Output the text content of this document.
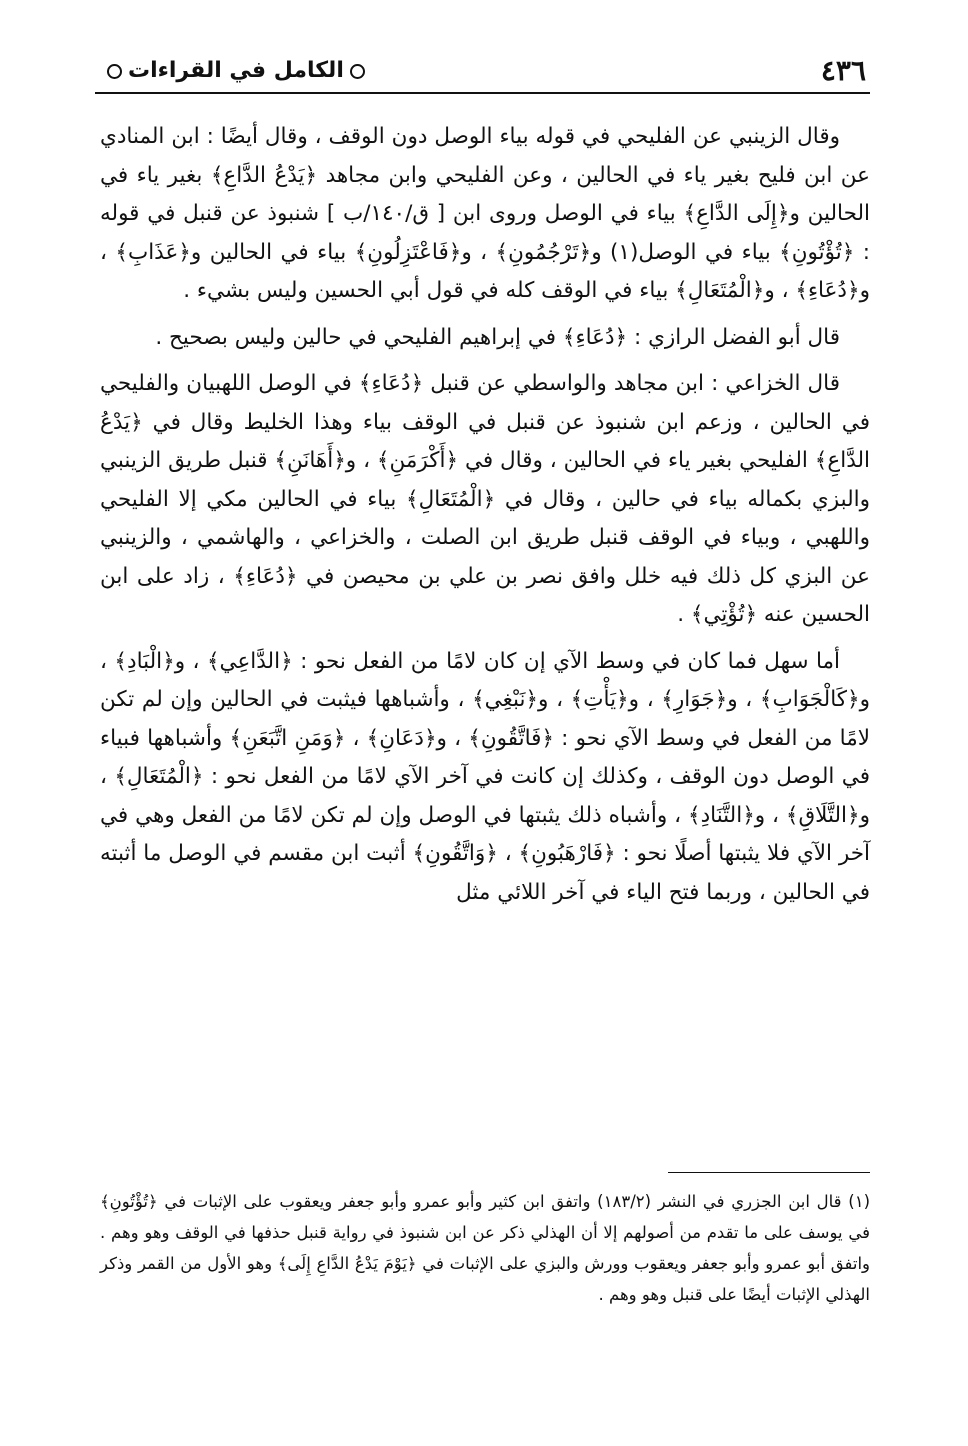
٤٣٦
الكامل في القراءات

وقال الزينبي عن الفليحي في قوله بياء الوصل دون الوقف ، وقال أيضًا : ابن المنادي عن ابن فليح بغير ياء في الحالين ، وعن الفليحي وابن مجاهد ﴿يَدْعُ الدَّاعِ﴾ بغير ياء في الحالين و﴿إِلَى الدَّاعِ﴾ بياء في الوصل وروى ابن [ ق/١٤٠/ب ] شنبوذ عن قنبل في قوله : ﴿تُؤْتُونِ﴾ بياء في الوصل(١) و﴿تَرْجُمُونِ﴾ ، و﴿فَاعْتَزِلُونِ﴾ بياء في الحالين و﴿عَذَابِ﴾ ، و﴿دُعَاءِ﴾ ، و﴿الْمُتَعَالِ﴾ بياء في الوقف كله في قول أبي الحسين وليس بشيء .

قال أبو الفضل الرازي : ﴿دُعَاءِ﴾ في إبراهيم الفليحي في حالين وليس بصحيح .

قال الخزاعي : ابن مجاهد والواسطي عن قنبل ﴿دُعَاءِ﴾ في الوصل اللهبيان والفليحي في الحالين ، وزعم ابن شنبوذ عن قنبل في الوقف بياء وهذا الخليط وقال في ﴿يَدْعُ الدَّاعِ﴾ الفليحي بغير ياء في الحالين ، وقال في ﴿أَكْرَمَنِ﴾ ، و﴿أَهَانَنِ﴾ قنبل طريق الزينبي والبزي بكماله بياء في حالين ، وقال في ﴿الْمُتَعَالِ﴾ بياء في الحالين مكي إلا الفليحي واللهبي ، وبياء في الوقف قنبل طريق ابن الصلت ، والخزاعي ، والهاشمي ، والزينبي عن البزي كل ذلك فيه خلل وافق نصر بن علي بن محيصن في ﴿دُعَاءِ﴾ ، زاد على ابن الحسين عنه ﴿تُؤْتِي﴾ .

أما سهل فما كان في وسط الآي إن كان لامًا من الفعل نحو : ﴿الدَّاعِي﴾ ، و﴿الْبَادِ﴾ ، و﴿كَالْجَوَابِ﴾ ، و﴿جَوَارِ﴾ ، و﴿يَأْتِ﴾ ، و﴿نَبْغِي﴾ ، وأشباهها فيثبت في الحالين وإن لم تكن لامًا من الفعل في وسط الآي نحو : ﴿فَاتَّقُونِ﴾ ، و﴿دَعَانِ﴾ ، ﴿وَمَنِ اتَّبَعَنِ﴾ وأشباهها فبياء في الوصل دون الوقف ، وكذلك إن كانت في آخر الآي لامًا من الفعل نحو : ﴿الْمُتَعَالِ﴾ ، و﴿التَّلَاقِ﴾ ، و﴿التَّنَادِ﴾ ، وأشباه ذلك يثبتها في الوصل وإن لم تكن لامًا من الفعل وهي في آخر الآي فلا يثبتها أصلًا نحو : ﴿فَارْهَبُونِ﴾ ، ﴿وَاتَّقُونِ﴾ أثبت ابن مقسم في الوصل ما أثبته في الحالين ، وربما فتح الياء في آخر اللائي مثل

(١) قال ابن الجزري في النشر (١٨٣/٢) واتفق ابن كثير وأبو عمرو وأبو جعفر ويعقوب على الإثبات في ﴿تُؤْتُونِ﴾ في يوسف على ما تقدم من أصولهم إلا أن الهذلي ذكر عن ابن شنبوذ في رواية قنبل حذفها في الوقف وهو وهم . واتفق أبو عمرو وأبو جعفر ويعقوب وورش والبزي على الإثبات في ﴿يَوْمَ يَدْعُ الدَّاعِ إِلَى﴾ وهو الأول من القمر وذكر الهذلي الإثبات أيضًا على قنبل وهو وهم .
